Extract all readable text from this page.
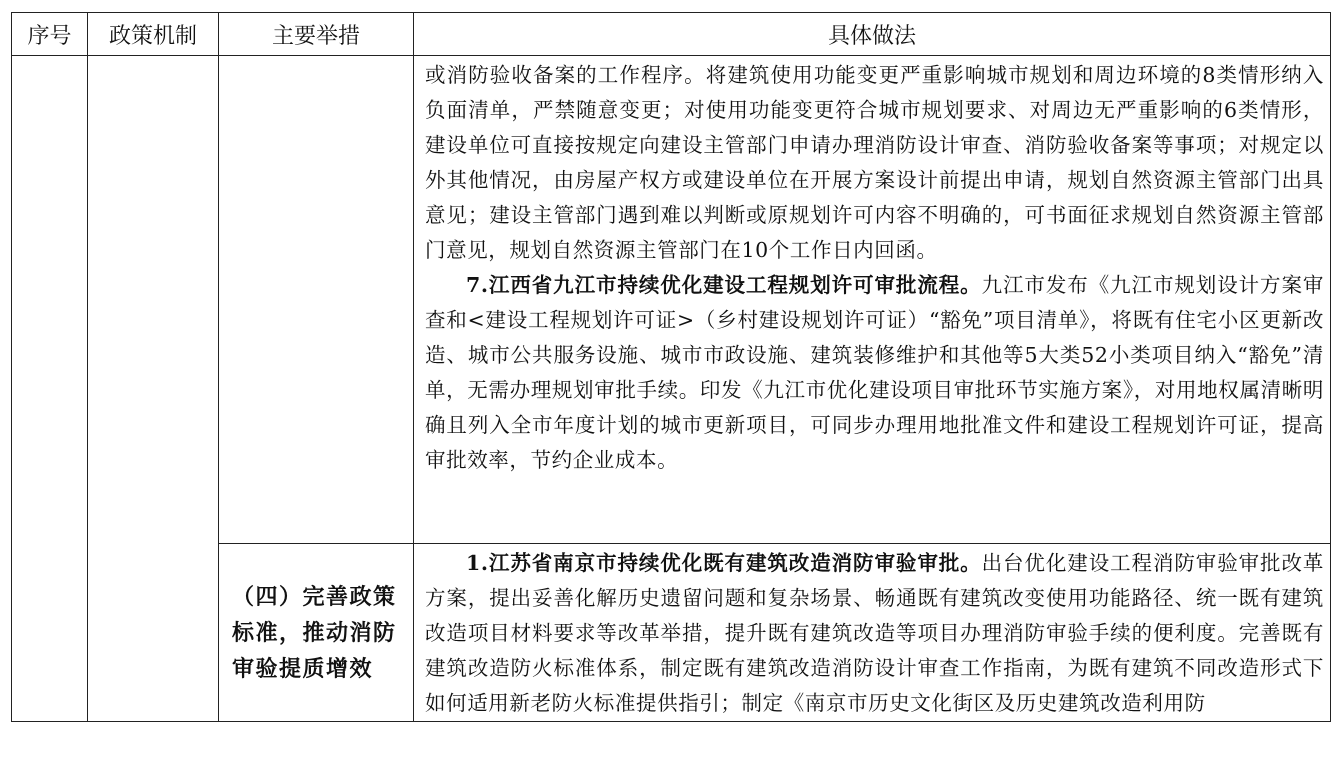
序号	政策机制	主要举措	具体做法

			或消防验收备案的工作程序。将建筑使用功能变更严重影响城市规划和周边环境的8类情形纳入负面清单，严禁随意变更；对使用功能变更符合城市规划要求、对周边无严重影响的6类情形，建设单位可直接按规定向建设主管部门申请办理消防设计审查、消防验收备案等事项；对规定以外其他情况，由房屋产权方或建设单位在开展方案设计前提出申请，规划自然资源主管部门出具意见；建设主管部门遇到难以判断或原规划许可内容不明确的，可书面征求规划自然资源主管部门意见，规划自然资源主管部门在10个工作日内回函。

7.江西省九江市持续优化建设工程规划许可审批流程。九江市发布《九江市规划设计方案审查和<建设工程规划许可证>（乡村建设规划许可证）“豁免”项目清单》，将既有住宅小区更新改造、城市公共服务设施、城市市政设施、建筑装修维护和其他等5大类52小类项目纳入“豁免”清单，无需办理规划审批手续。印发《九江市优化建设项目审批环节实施方案》，对用地权属清晰明确且列入全市年度计划的城市更新项目，可同步办理用地批准文件和建设工程规划许可证，提高审批效率，节约企业成本。

		（四）完善政策标准，推动消防审验提质增效	1.江苏省南京市持续优化既有建筑改造消防审验审批。出台优化建设工程消防审验审批改革方案，提出妥善化解历史遗留问题和复杂场景、畅通既有建筑改变使用功能路径、统一既有建筑改造项目材料要求等改革举措，提升既有建筑改造等项目办理消防审验手续的便利度。完善既有建筑改造防火标准体系，制定既有建筑改造消防设计审查工作指南，为既有建筑不同改造形式下如何适用新老防火标准提供指引；制定《南京市历史文化街区及历史建筑改造利用防
